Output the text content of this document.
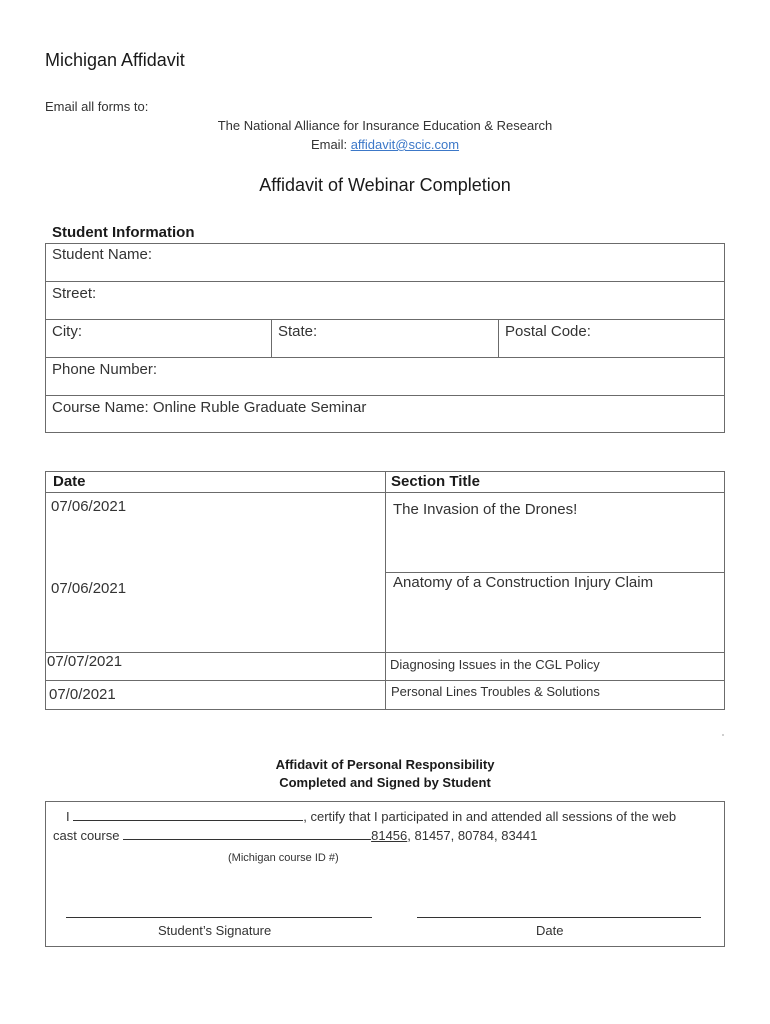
Michigan Affidavit
Email all forms to:
The National Alliance for Insurance Education & Research
Email: affidavit@scic.com
Affidavit of Webinar Completion
Student Information
Student Name:
Street:
City:	State:	Postal Code:
Phone Number:
Course Name: Online Ruble Graduate Seminar
Date	Section Title
07/06/2021	The Invasion of the Drones!
07/06/2021	Anatomy of a Construction Injury Claim
07/07/2021	Diagnosing Issues in the CGL Policy
07/0/2021	Personal Lines Troubles & Solutions
Affidavit of Personal Responsibility
Completed and Signed by Student
I	, certify that I participated in and attended all sessions of the web
cast course	81456, 81457, 80784, 83441
(Michigan course ID #)
Student’s Signature	Date
